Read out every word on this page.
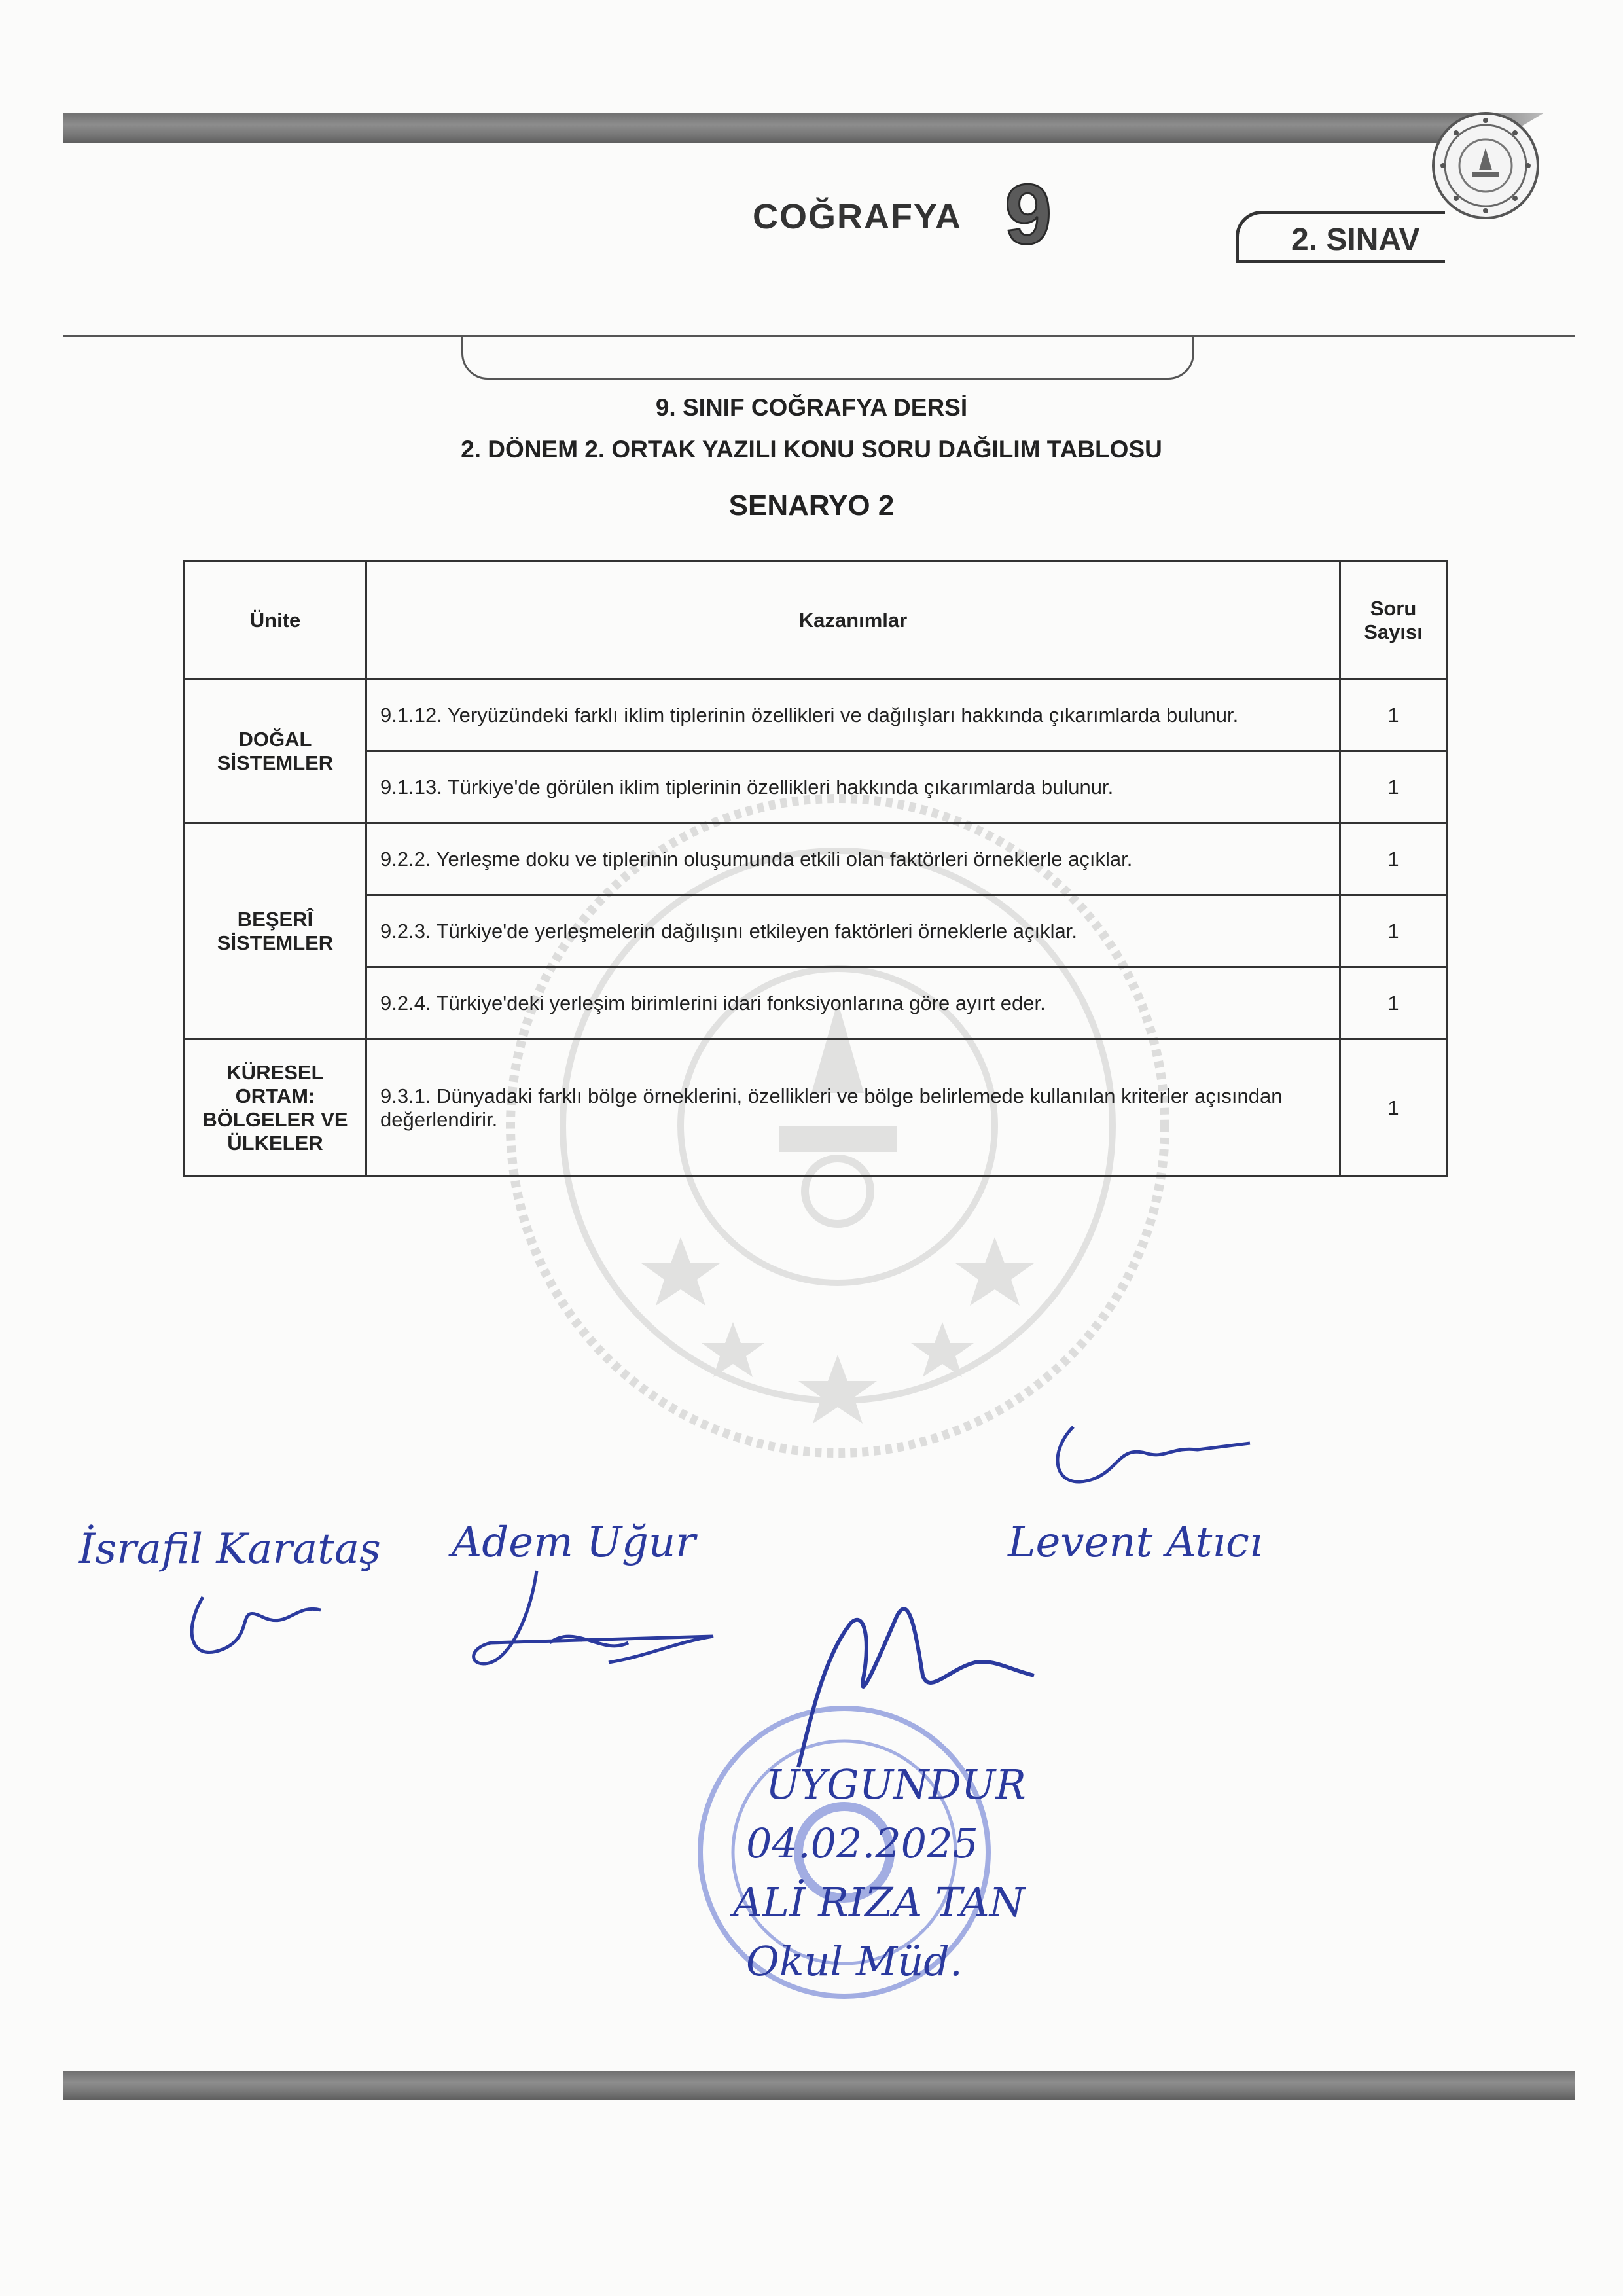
COĞRAFYA 9	2. SINAV
9. SINIF COĞRAFYA DERSİ
2. DÖNEM 2. ORTAK YAZILI KONU SORU DAĞILIM TABLOSU
SENARYO 2
Ünite	Kazanımlar	Soru Sayısı
DOĞAL SİSTEMLER	9.1.12. Yeryüzündeki farklı iklim tiplerinin özellikleri ve dağılışları hakkında çıkarımlarda bulunur.	1
	9.1.13. Türkiye'de görülen iklim tiplerinin özellikleri hakkında çıkarımlarda bulunur.	1
BEŞERÎ SİSTEMLER	9.2.2. Yerleşme doku ve tiplerinin oluşumunda etkili olan faktörleri örneklerle açıklar.	1
	9.2.3. Türkiye'de yerleşmelerin dağılışını etkileyen faktörleri örneklerle açıklar.	1
	9.2.4. Türkiye'deki yerleşim birimlerini idari fonksiyonlarına göre ayırt eder.	1
KÜRESEL ORTAM: BÖLGELER VE ÜLKELER	9.3.1. Dünyadaki farklı bölge örneklerini, özellikleri ve bölge belirlemede kullanılan kriterler açısından değerlendirir.	1
İsrafil Karataş	Adem Uğur	Levent Atıcı
UYGUNDUR
04.02.2025
ALİ RIZA TAN
Okul Müd.
